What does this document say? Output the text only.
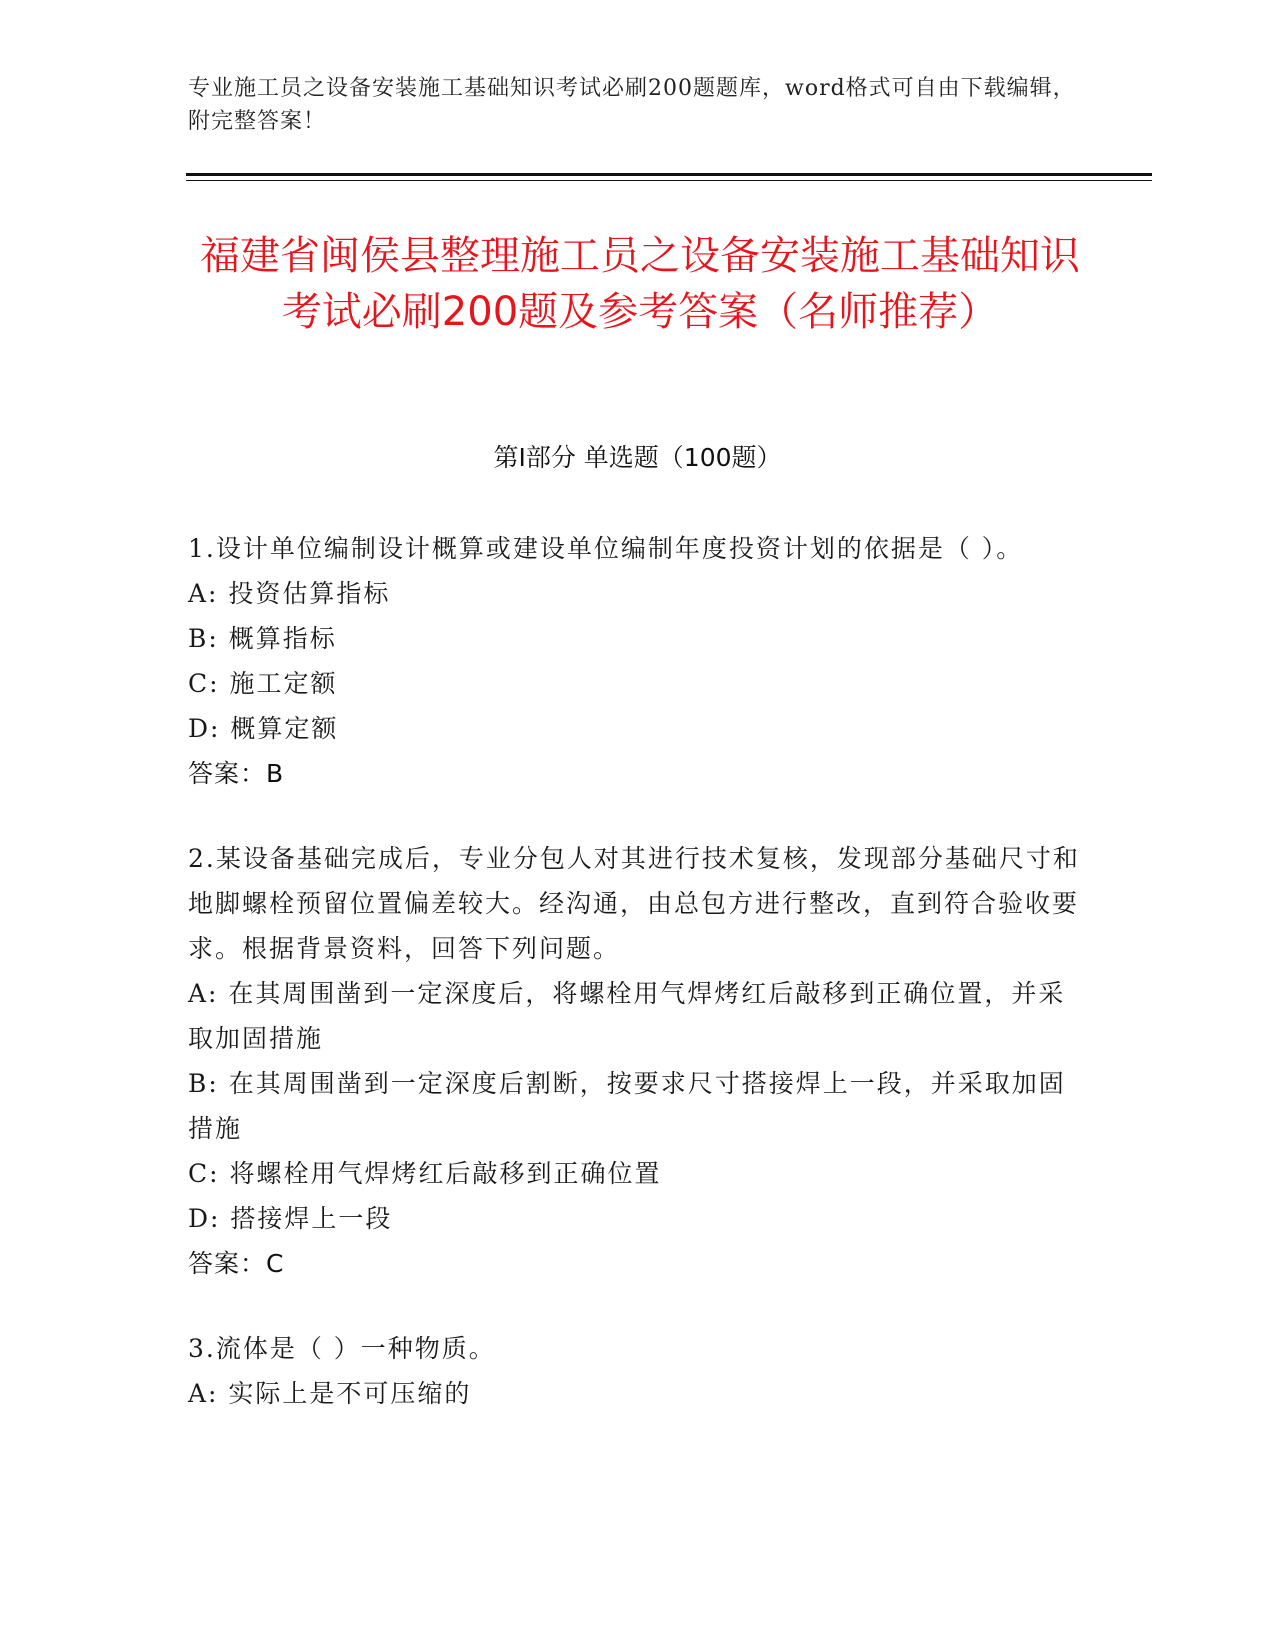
专业施工员之设备安装施工基础知识考试必刷200题题库，word格式可自由下载编辑，附完整答案！
福建省闽侯县整理施工员之设备安装施工基础知识考试必刷200题及参考答案（名师推荐）
第Ⅰ部分 单选题（100题）
1.设计单位编制设计概算或建设单位编制年度投资计划的依据是（ ）。
A: 投资估算指标
B: 概算指标
C: 施工定额
D: 概算定额
答案：B
2.某设备基础完成后，专业分包人对其进行技术复核，发现部分基础尺寸和地脚螺栓预留位置偏差较大。经沟通，由总包方进行整改，直到符合验收要求。根据背景资料，回答下列问题。
A: 在其周围凿到一定深度后，将螺栓用气焊烤红后敲移到正确位置，并采取加固措施
B: 在其周围凿到一定深度后割断，按要求尺寸搭接焊上一段，并采取加固措施
C: 将螺栓用气焊烤红后敲移到正确位置
D: 搭接焊上一段
答案：C
3.流体是（ ）一种物质。
A: 实际上是不可压缩的
